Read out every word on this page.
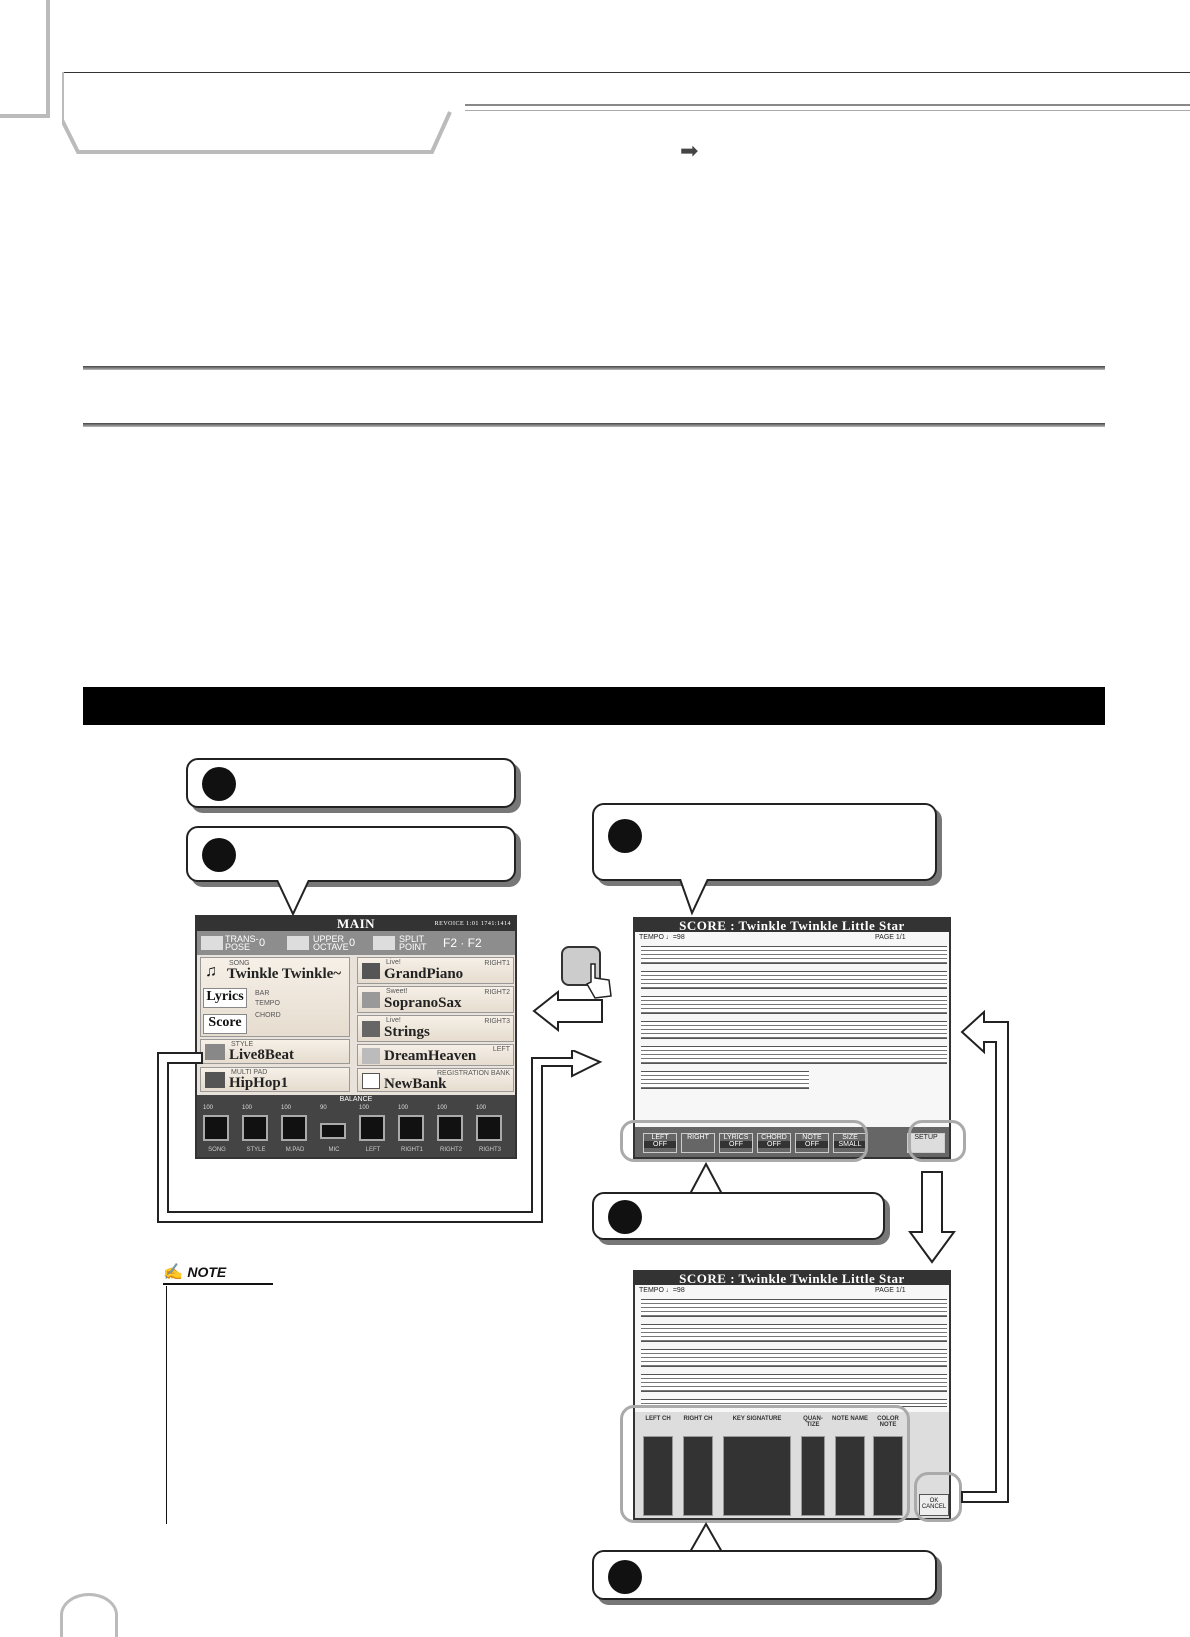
➡
MAIN	REVOICE 1:01 1741:1414
TRANS-POSE 0	UPPER OCTAVE 0	SPLIT POINT	F2 · F2
♫ SONG
Twinkle Twinkle~
Lyrics
Score
BAR
TEMPO
CHORD
STYLE
Live8Beat
MULTI PAD
HipHop1
Live!
GrandPiano
RIGHT1
Sweet!
SopranoSax
RIGHT2
Live!
Strings
RIGHT3
DreamHeaven LEFT
REGISTRATION BANK
NewBank
BALANCE
100
SONG
100
STYLE
100
M.PAD
90
MIC
100
LEFT
100
RIGHT1
100
RIGHT2
100
RIGHT3
SCORE : Twinkle Twinkle Little Star
TEMPO ♩=98	PAGE 1/1
LEFT
OFF
RIGHT	LYRICS
OFF
CHORD
OFF
NOTE
OFF
SIZE
SMALL
SETUP
SCORE : Twinkle Twinkle Little Star
TEMPO ♩=98	PAGE 1/1
LEFT CH	RIGHT CH	KEY SIGNATURE	QUAN-TIZE
NOTE NAME	COLOR NOTE
OK CANCEL
✍ NOTE
